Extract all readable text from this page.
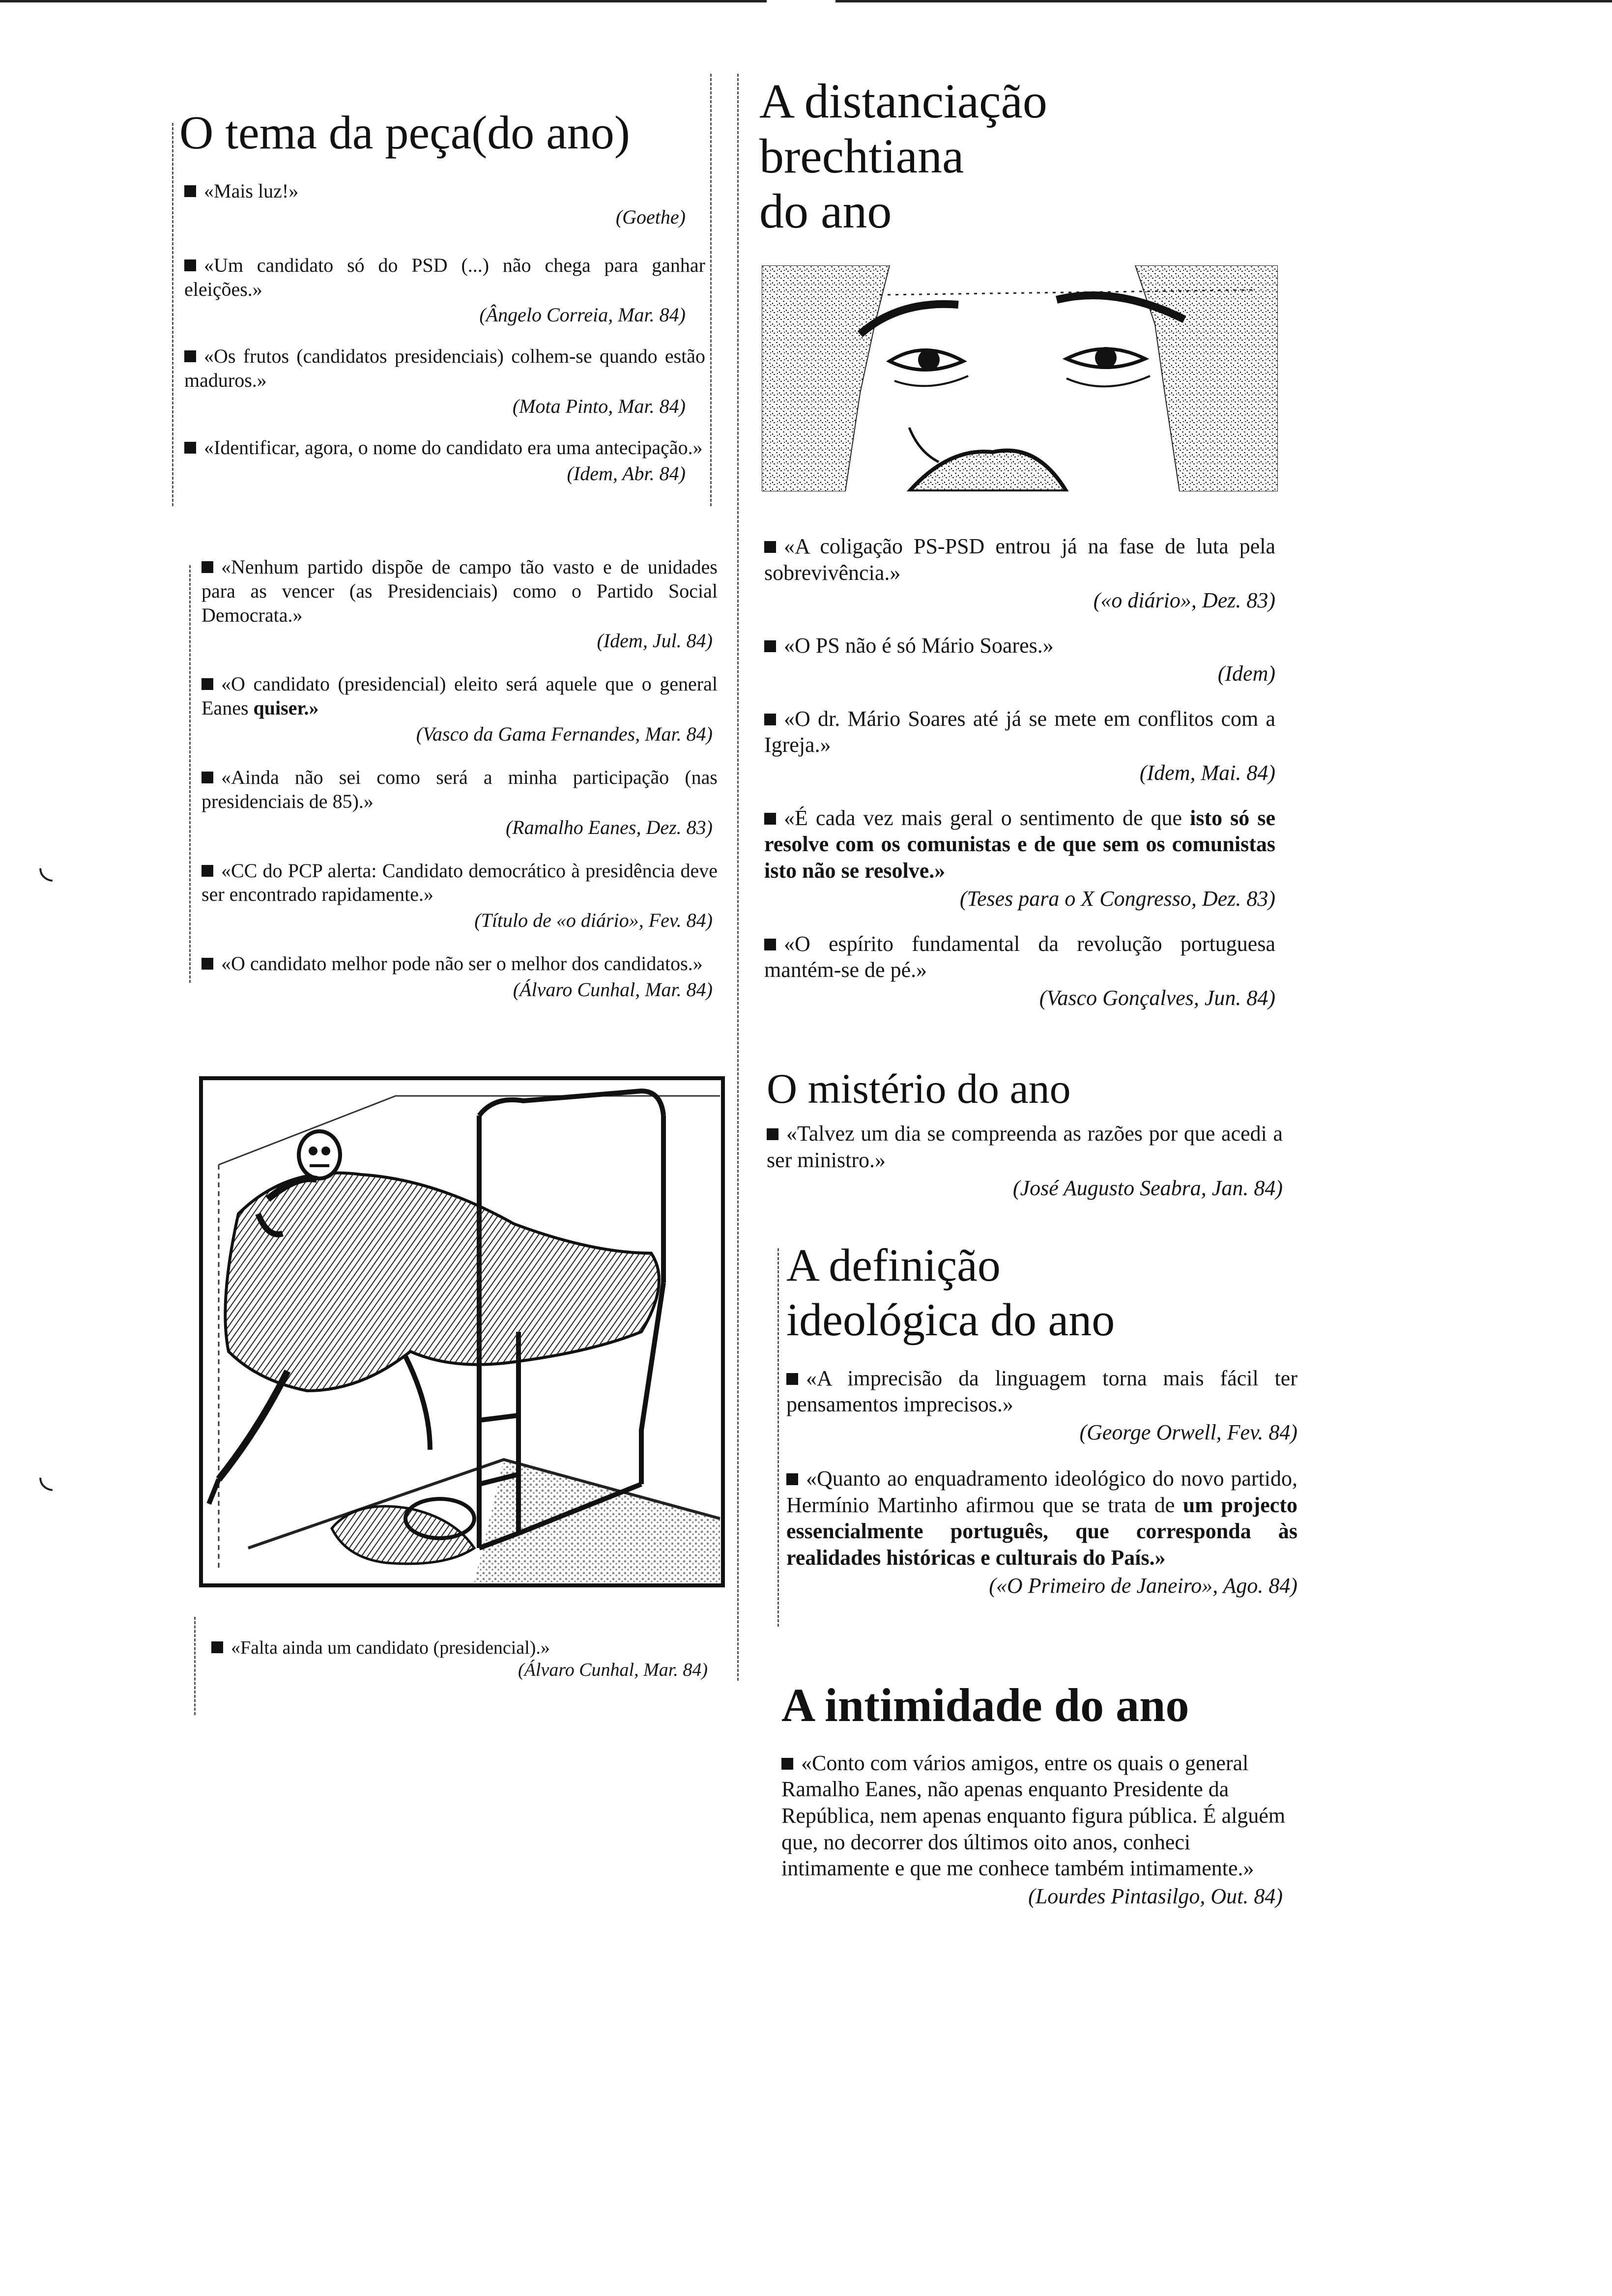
◟
◟
O tema da peça(do ano)
«Mais luz!»
(Goethe)
«Um candidato só do PSD (...) não chega para ganhar eleições.»
(Ângelo Correia, Mar. 84)
«Os frutos (candidatos presidenciais) colhem-se quando estão maduros.»
(Mota Pinto, Mar. 84)
«Identificar, agora, o nome do candidato era uma antecipação.»
(Idem, Abr. 84)
«Nenhum partido dispõe de campo tão vasto e de unidades para as vencer (as Presidenciais) como o Partido Social Democrata.»
(Idem, Jul. 84)
«O candidato (presidencial) eleito será aquele que o general Eanes quiser.»
(Vasco da Gama Fernandes, Mar. 84)
«Ainda não sei como será a minha participação (nas presidenciais de 85).»
(Ramalho Eanes, Dez. 83)
«CC do PCP alerta: Candidato democrático à presidência deve ser encontrado rapidamente.»
(Título de «o diário», Fev. 84)
«O candidato melhor pode não ser o melhor dos candidatos.»
(Álvaro Cunhal, Mar. 84)
«Falta ainda um candidato (presidencial).»
(Álvaro Cunhal, Mar. 84)
A distanciação
brechtiana
do ano
«A coligação PS-PSD entrou já na fase de luta pela sobrevivência.»
(«o diário», Dez. 83)
«O PS não é só Mário Soares.»
(Idem)
«O dr. Mário Soares até já se mete em conflitos com a Igreja.»
(Idem, Mai. 84)
«É cada vez mais geral o sentimento de que isto só se resolve com os comunistas e de que sem os comunistas isto não se resolve.»
(Teses para o X Congresso, Dez. 83)
«O espírito fundamental da revolução portuguesa mantém-se de pé.»
(Vasco Gonçalves, Jun. 84)
O mistério do ano
«Talvez um dia se compreenda as razões por que acedi a ser ministro.»
(José Augusto Seabra, Jan. 84)
A definição
ideológica do ano
«A imprecisão da linguagem torna mais fácil ter pensamentos imprecisos.»
(George Orwell, Fev. 84)
«Quanto ao enquadramento ideológico do novo partido, Hermínio Martinho afirmou que se trata de um projecto essencialmente português, que corresponda às realidades históricas e culturais do País.»
(«O Primeiro de Janeiro», Ago. 84)
A intimidade do ano
«Conto com vários amigos, entre os quais o general Ramalho Eanes, não apenas enquanto Presidente da República, nem apenas enquanto figura pública. É alguém que, no decorrer dos últimos oito anos, conheci intimamente e que me conhece também intimamente.»
(Lourdes Pintasilgo, Out. 84)
